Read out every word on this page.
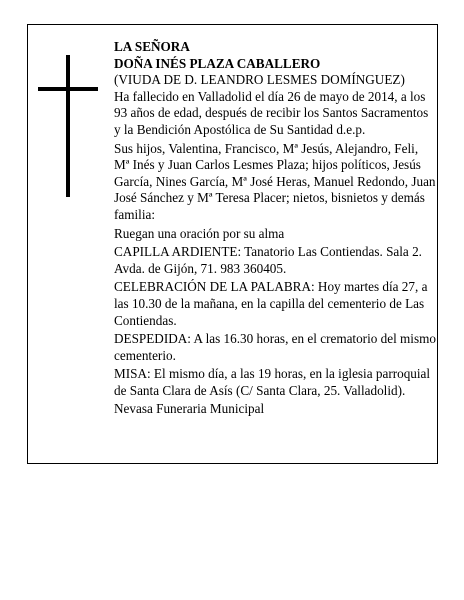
LA SEÑORA

DOÑA INÉS PLAZA CABALLERO

(VIUDA DE D. LEANDRO LESMES DOMÍNGUEZ)

Ha fallecido en Valladolid el día 26 de mayo de 2014, a los 93 años de edad, después de recibir los Santos Sacramentos y la Bendición Apostólica de Su Santidad d.e.p.

Sus hijos, Valentina, Francisco, Mª Jesús, Alejandro, Feli, Mª Inés y Juan Carlos Lesmes Plaza; hijos políticos, Jesús García, Nines García, Mª José Heras, Manuel Redondo, Juan José Sánchez y Mª Teresa Placer; nietos, bisnietos y demás familia:

Ruegan una oración por su alma

CAPILLA ARDIENTE: Tanatorio Las Contiendas. Sala 2. Avda. de Gijón, 71. 983 360405.

CELEBRACIÓN DE LA PALABRA: Hoy martes día 27, a las 10.30 de la mañana, en la capilla del cementerio de Las Contiendas.

DESPEDIDA: A las 16.30 horas, en el crematorio del mismo cementerio.

MISA: El mismo día, a las 19 horas, en la iglesia parroquial de Santa Clara de Asís (C/ Santa Clara, 25. Valladolid).

Nevasa Funeraria Municipal
